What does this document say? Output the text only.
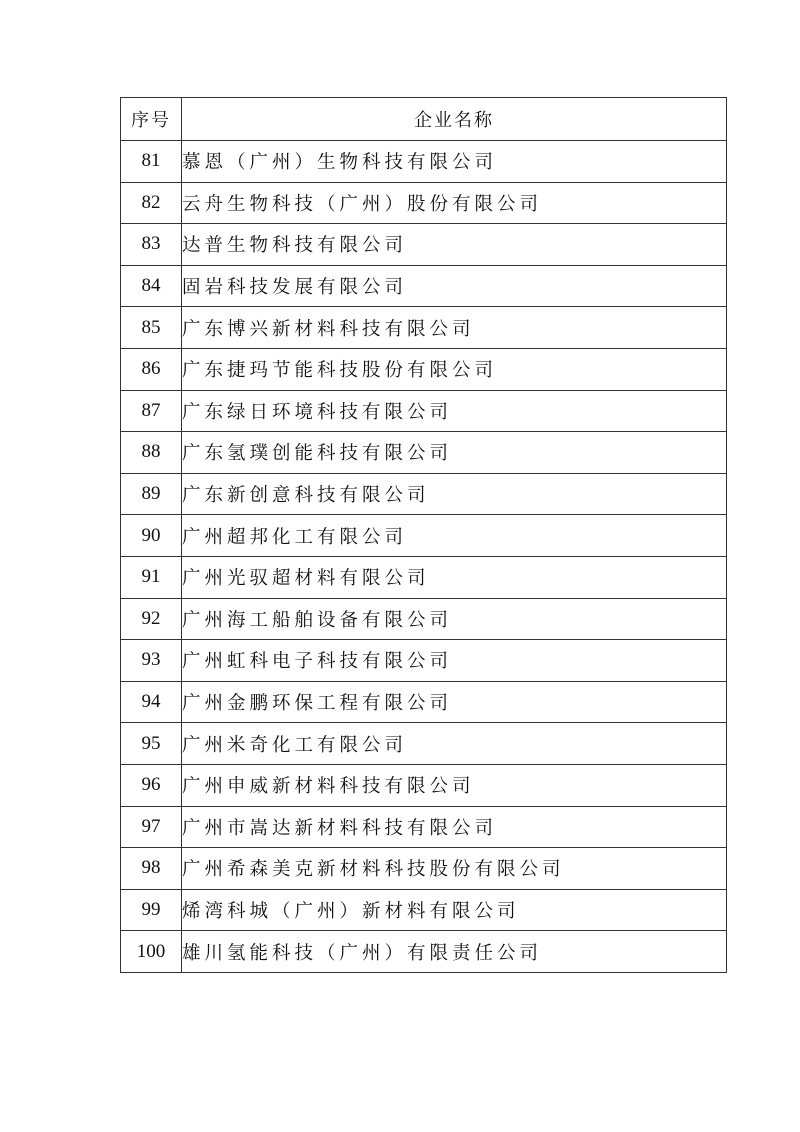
序号	企业名称
81	慕恩（广州）生物科技有限公司
82	云舟生物科技（广州）股份有限公司
83	达普生物科技有限公司
84	固岩科技发展有限公司
85	广东博兴新材料科技有限公司
86	广东捷玛节能科技股份有限公司
87	广东绿日环境科技有限公司
88	广东氢璞创能科技有限公司
89	广东新创意科技有限公司
90	广州超邦化工有限公司
91	广州光驭超材料有限公司
92	广州海工船舶设备有限公司
93	广州虹科电子科技有限公司
94	广州金鹏环保工程有限公司
95	广州米奇化工有限公司
96	广州申威新材料科技有限公司
97	广州市嵩达新材料科技有限公司
98	广州希森美克新材料科技股份有限公司
99	烯湾科城（广州）新材料有限公司
100	雄川氢能科技（广州）有限责任公司
